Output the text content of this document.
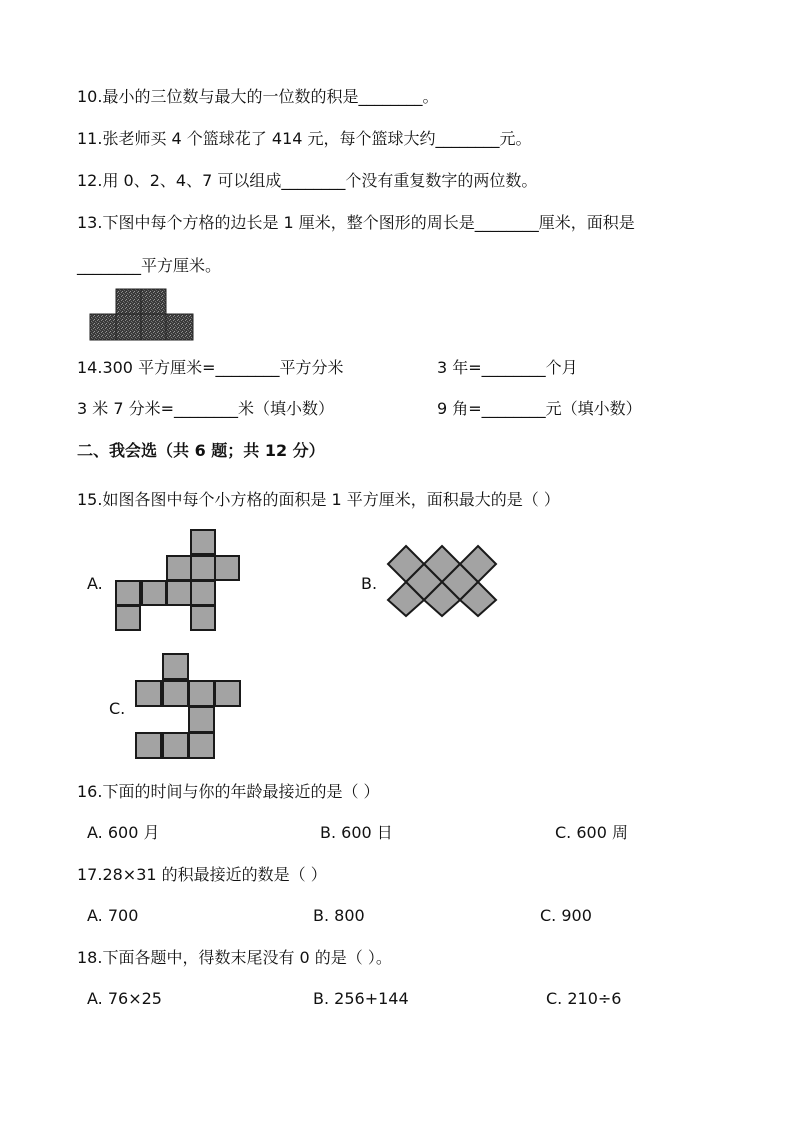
10.最小的三位数与最大的一位数的积是________。
11.张老师买 4 个篮球花了 414 元，每个篮球大约________元。
12.用 0、2、4、7 可以组成________个没有重复数字的两位数。
13.下图中每个方格的边长是 1 厘米，整个图形的周长是________厘米，面积是
________平方厘米。
14.300 平方厘米=________平方分米	3 年=________个月
3 米 7 分米=________米（填小数）	9 角=________元（填小数）
二、我会选（共 6 题；共 12 分）
15.如图各图中每个小方格的面积是 1 平方厘米，面积最大的是（ ）
A.	B.
C.
16.下面的时间与你的年龄最接近的是（ ）
A. 600 月	B. 600 日	C. 600 周
17.28×31 的积最接近的数是（ ）
A. 700	B. 800	C. 900
18.下面各题中，得数末尾没有 0 的是（ ）。
A. 76×25	B. 256+144	C. 210÷6
